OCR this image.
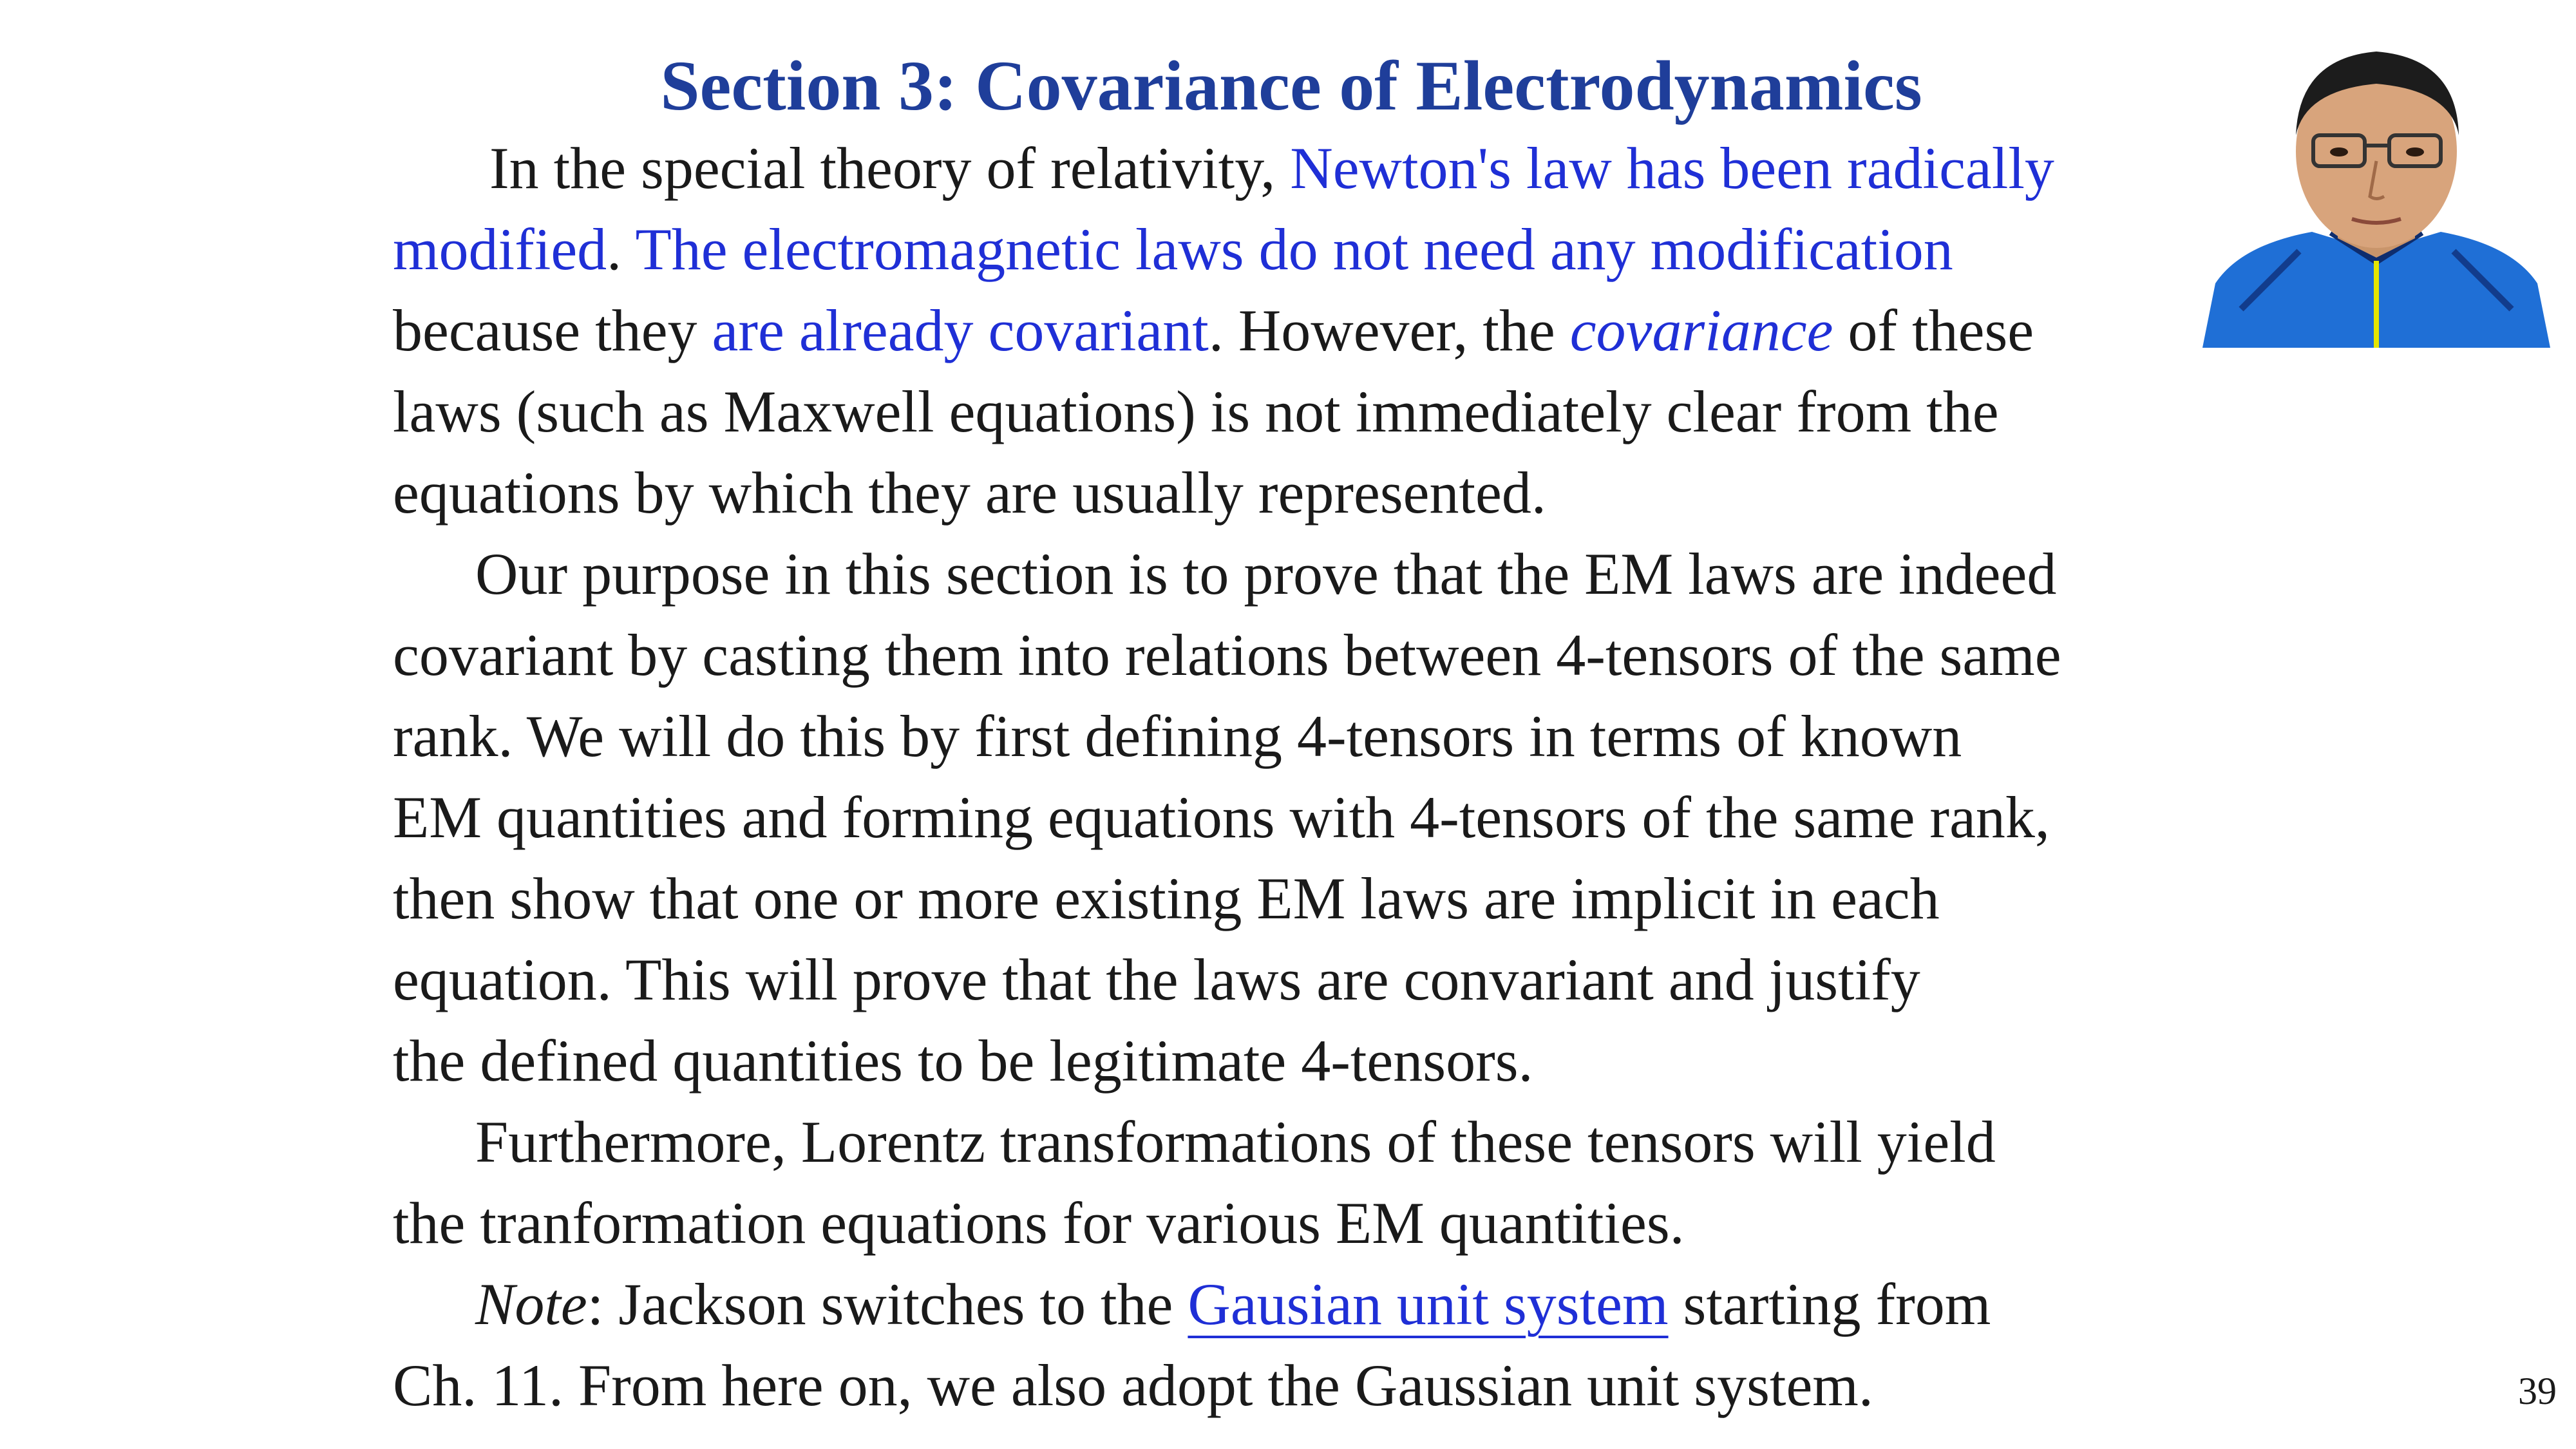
Section 3: Covariance of Electrodynamics
In the special theory of relativity, Newton's law has been radically
modified. The electromagnetic laws do not need any modification
because they are already covariant. However, the covariance of these
laws (such as Maxwell equations) is not immediately clear from the
equations by which they are usually represented.
Our purpose in this section is to prove that the EM laws are indeed
covariant by casting them into relations between 4-tensors of the same
rank. We will do this by first defining 4-tensors in terms of known
EM quantities and forming equations with 4-tensors of the same rank,
then show that one or more existing EM laws are implicit in each
equation. This will prove that the laws are convariant and justify
the defined quantities to be legitimate 4-tensors.
Furthermore, Lorentz transformations of these tensors will yield
the tranformation equations for various EM quantities.
Note: Jackson switches to the Gausian unit system starting from
Ch. 11. From here on, we also adopt the Gaussian unit system.	39
